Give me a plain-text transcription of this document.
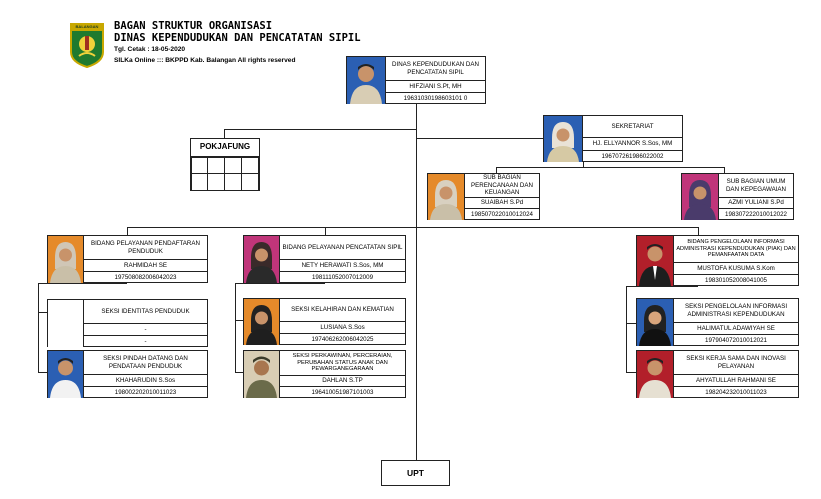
BALANGAN BAGAN STRUKTUR ORGANISASI
DINAS KEPENDUDUKAN DAN PENCATATAN SIPIL
Tgl. Cetak : 18-05-2020
SILKa Online ::: BKPPD Kab. Balangan All rights reserved
DINAS KEPENDUDUKAN DAN PENCATATAN SIPIL
HIFZIANI S.Pt, MH
19631030198603101 0
POKJAFUNG
SEKRETARIAT
HJ. ELLYANNOR S.Sos, MM
196707261986022002
SUB BAGIAN PERENCANAAN DAN KEUANGAN
SUAIBAH S.Pd
198507022010012024
SUB BAGIAN UMUM DAN KEPEGAWAIAN
AZMI YULIANI S.Pd
198307222010012022
BIDANG PELAYANAN PENDAFTARAN PENDUDUK
RAHMIDAH SE
197508082006042023
BIDANG PELAYANAN PENCATATAN SIPIL
NETY HERAWATI S.Sos, MM
198111052007012009
BIDANG PENGELOLAAN INFORMASI ADMINISTRASI KEPENDUDUKAN (PIAK) DAN PEMANFAATAN DATA
MUSTOFA KUSUMA S.Kom
198301052008041005
SEKSI IDENTITAS PENDUDUK
-
-
SEKSI PINDAH DATANG DAN PENDATAAN PENDUDUK
KHAHARUDIN S.Sos
198002202010011023
SEKSI KELAHIRAN DAN KEMATIAN
LUSIANA S.Sos
197406262006042025
SEKSI PERKAWINAN, PERCERAIAN, PERUBAHAN STATUS ANAK DAN PEWARGANEGARAAN
DAHLAN S.TP
196410051987101003
SEKSI PENGELOLAAN INFORMASI ADMINISTRASI KEPENDUDUKAN
HALIMATUL ADAWIYAH SE
197904072010012021
SEKSI KERJA SAMA DAN INOVASI PELAYANAN
AHYATULLAH RAHMANI SE
198204232010011023
UPT
